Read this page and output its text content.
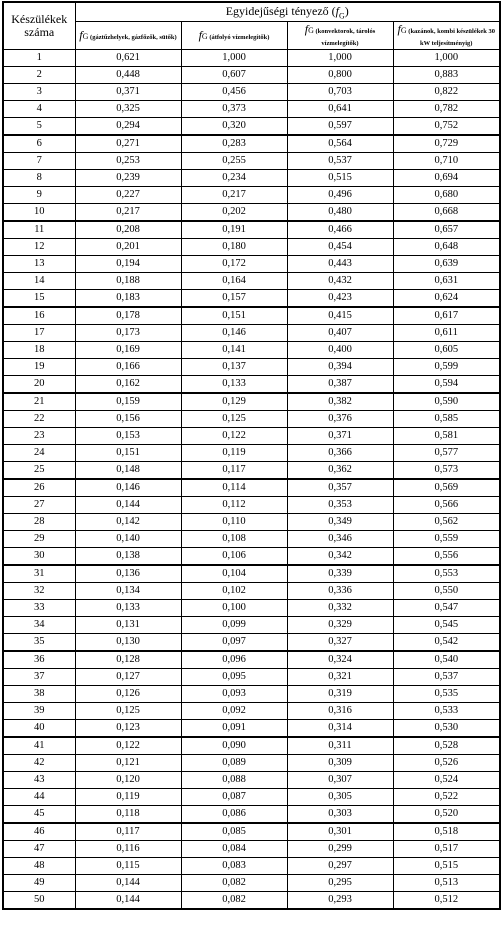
Készülékek száma	Egyidejűségi tényező $(f_G)$			
	fG (gáztűzhelyek, gázfőzők, sütők)	fG (átfolyó vízmelegítők)	fG (konvektorok, tárolós vízmelegítők)	fG (kazánok, kombi készülékek 30 kW teljesítményig)
1	0,621	1,000	1,000	1,000
2	0,448	0,607	0,800	0,883
3	0,371	0,456	0,703	0,822
4	0,325	0,373	0,641	0,782
5	0,294	0,320	0,597	0,752
6	0,271	0,283	0,564	0,729
7	0,253	0,255	0,537	0,710
8	0,239	0,234	0,515	0,694
9	0,227	0,217	0,496	0,680
10	0,217	0,202	0,480	0,668
11	0,208	0,191	0,466	0,657
12	0,201	0,180	0,454	0,648
13	0,194	0,172	0,443	0,639
14	0,188	0,164	0,432	0,631
15	0,183	0,157	0,423	0,624
16	0,178	0,151	0,415	0,617
17	0,173	0,146	0,407	0,611
18	0,169	0,141	0,400	0,605
19	0,166	0,137	0,394	0,599
20	0,162	0,133	0,387	0,594
21	0,159	0,129	0,382	0,590
22	0,156	0,125	0,376	0,585
23	0,153	0,122	0,371	0,581
24	0,151	0,119	0,366	0,577
25	0,148	0,117	0,362	0,573
26	0,146	0,114	0,357	0,569
27	0,144	0,112	0,353	0,566
28	0,142	0,110	0,349	0,562
29	0,140	0,108	0,346	0,559
30	0,138	0,106	0,342	0,556
31	0,136	0,104	0,339	0,553
32	0,134	0,102	0,336	0,550
33	0,133	0,100	0,332	0,547
34	0,131	0,099	0,329	0,545
35	0,130	0,097	0,327	0,542
36	0,128	0,096	0,324	0,540
37	0,127	0,095	0,321	0,537
38	0,126	0,093	0,319	0,535
39	0,125	0,092	0,316	0,533
40	0,123	0,091	0,314	0,530
41	0,122	0,090	0,311	0,528
42	0,121	0,089	0,309	0,526
43	0,120	0,088	0,307	0,524
44	0,119	0,087	0,305	0,522
45	0,118	0,086	0,303	0,520
46	0,117	0,085	0,301	0,518
47	0,116	0,084	0,299	0,517
48	0,115	0,083	0,297	0,515
49	0,144	0,082	0,295	0,513
50	0,144	0,082	0,293	0,512
